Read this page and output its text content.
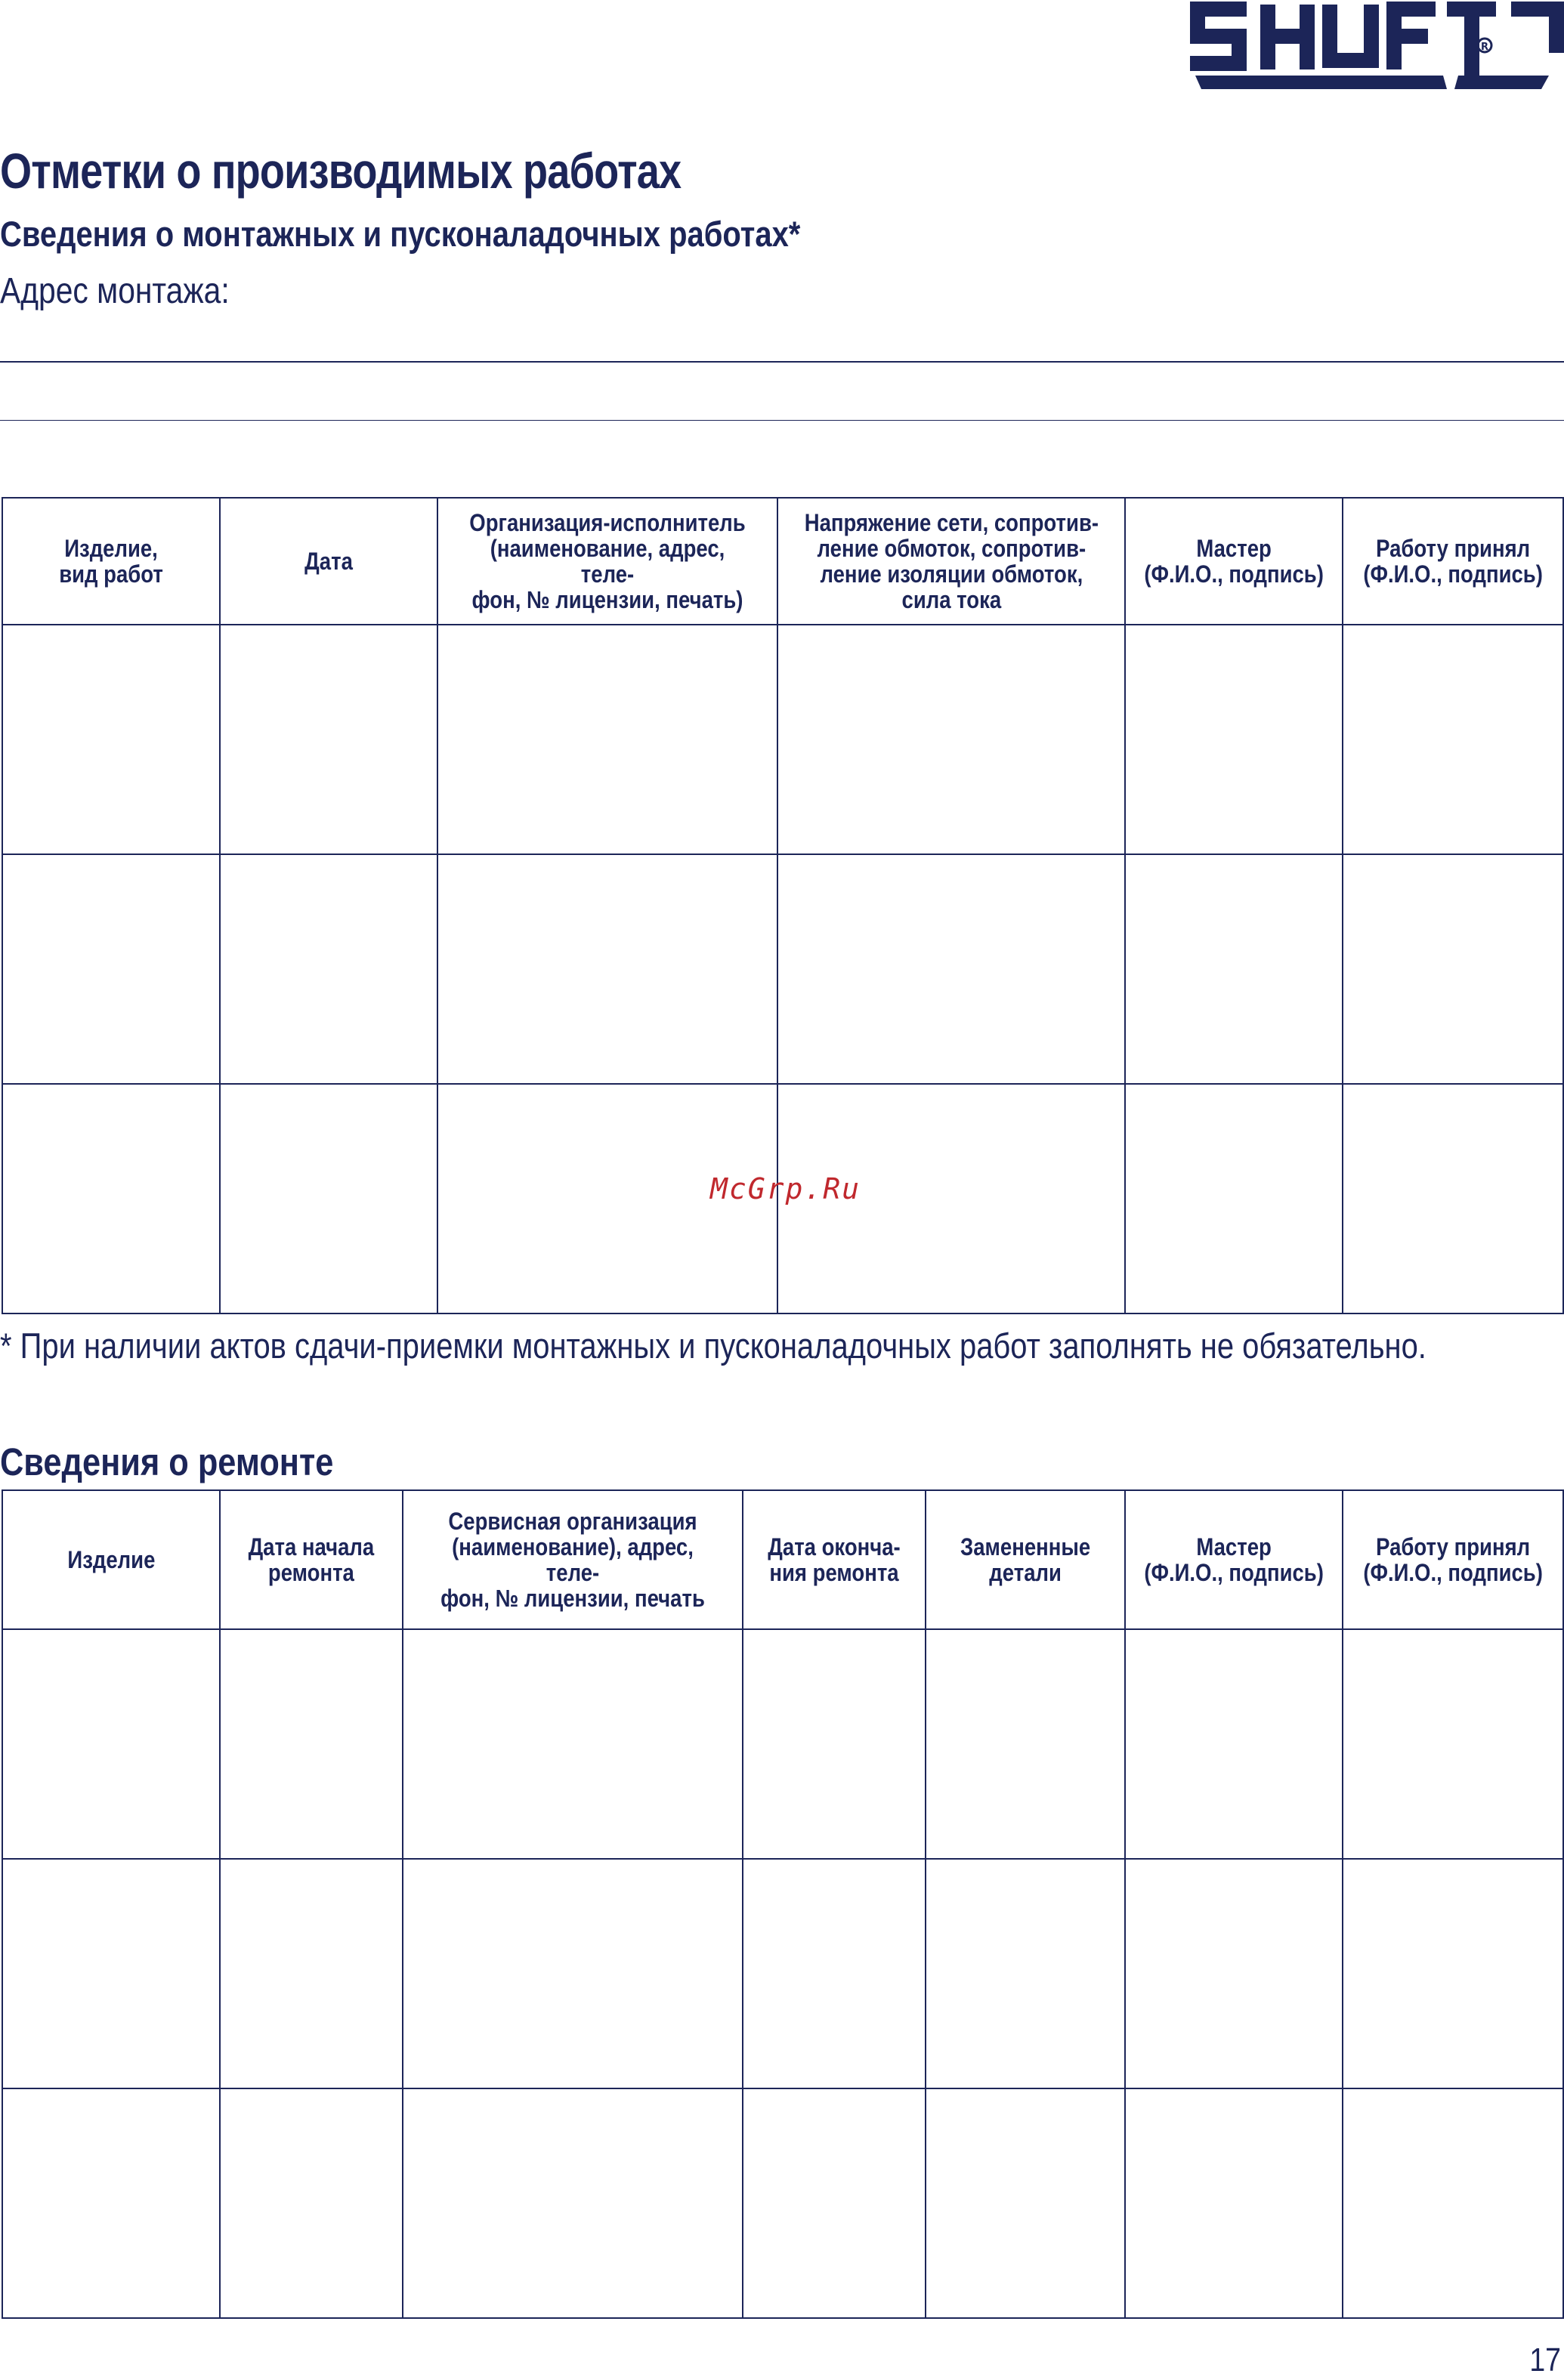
R
Отметки о производимых работах
Сведения о монтажных и пусконаладочных работах*

Адрес монтажа:

Изделие,
вид работ	Дата	Организация-исполнитель
(наименование, адрес, теле-
фон, № лицензии, печать)	Напряжение сети, сопротив-
ление обмоток, сопротив-
ление изоляции обмоток,
сила тока	Мастер
(Ф.И.О., подпись)	Работу принял
(Ф.И.О., подпись)

McGrp.Ru

* При наличии актов сдачи-приемки монтажных и пусконаладочных работ заполнять не обязательно.

Сведения о ремонте
Изделие	Дата начала
ремонта	Сервисная организация
(наименование), адрес, теле-
фон, № лицензии, печать	Дата оконча-
ния ремонта	Замененные
детали	Мастер
(Ф.И.О., подпись)	Работу принял
(Ф.И.О., подпись)

17
